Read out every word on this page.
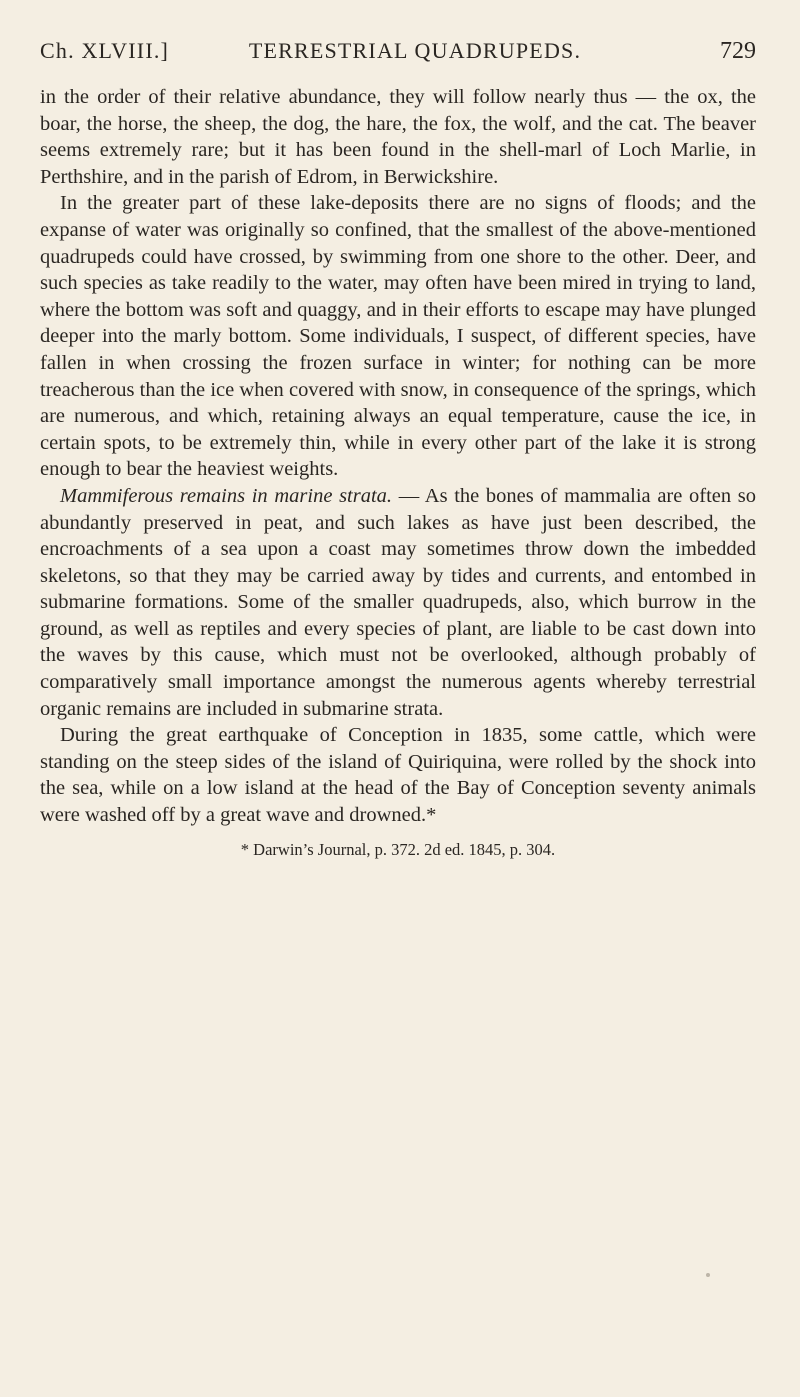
Ch. XLVIII.]	TERRESTRIAL QUADRUPEDS.	729

in the order of their relative abundance, they will follow nearly thus — the ox, the boar, the horse, the sheep, the dog, the hare, the fox, the wolf, and the cat. The beaver seems extremely rare; but it has been found in the shell-marl of Loch Marlie, in Perthshire, and in the parish of Edrom, in Berwickshire.

In the greater part of these lake-deposits there are no signs of floods; and the expanse of water was originally so confined, that the smallest of the above-mentioned quadrupeds could have crossed, by swimming from one shore to the other. Deer, and such species as take readily to the water, may often have been mired in trying to land, where the bottom was soft and quaggy, and in their efforts to escape may have plunged deeper into the marly bottom. Some individuals, I suspect, of different species, have fallen in when crossing the frozen surface in winter; for nothing can be more treacherous than the ice when covered with snow, in consequence of the springs, which are numerous, and which, retaining always an equal temperature, cause the ice, in certain spots, to be extremely thin, while in every other part of the lake it is strong enough to bear the heaviest weights.

Mammiferous remains in marine strata. — As the bones of mammalia are often so abundantly preserved in peat, and such lakes as have just been described, the encroachments of a sea upon a coast may sometimes throw down the imbedded skeletons, so that they may be carried away by tides and currents, and entombed in submarine formations. Some of the smaller quadrupeds, also, which burrow in the ground, as well as reptiles and every species of plant, are liable to be cast down into the waves by this cause, which must not be overlooked, although probably of comparatively small importance amongst the numerous agents whereby terrestrial organic remains are included in submarine strata.

During the great earthquake of Conception in 1835, some cattle, which were standing on the steep sides of the island of Quiriquina, were rolled by the shock into the sea, while on a low island at the head of the Bay of Conception seventy animals were washed off by a great wave and drowned.*

* Darwin’s Journal, p. 372. 2d ed. 1845, p. 304.
